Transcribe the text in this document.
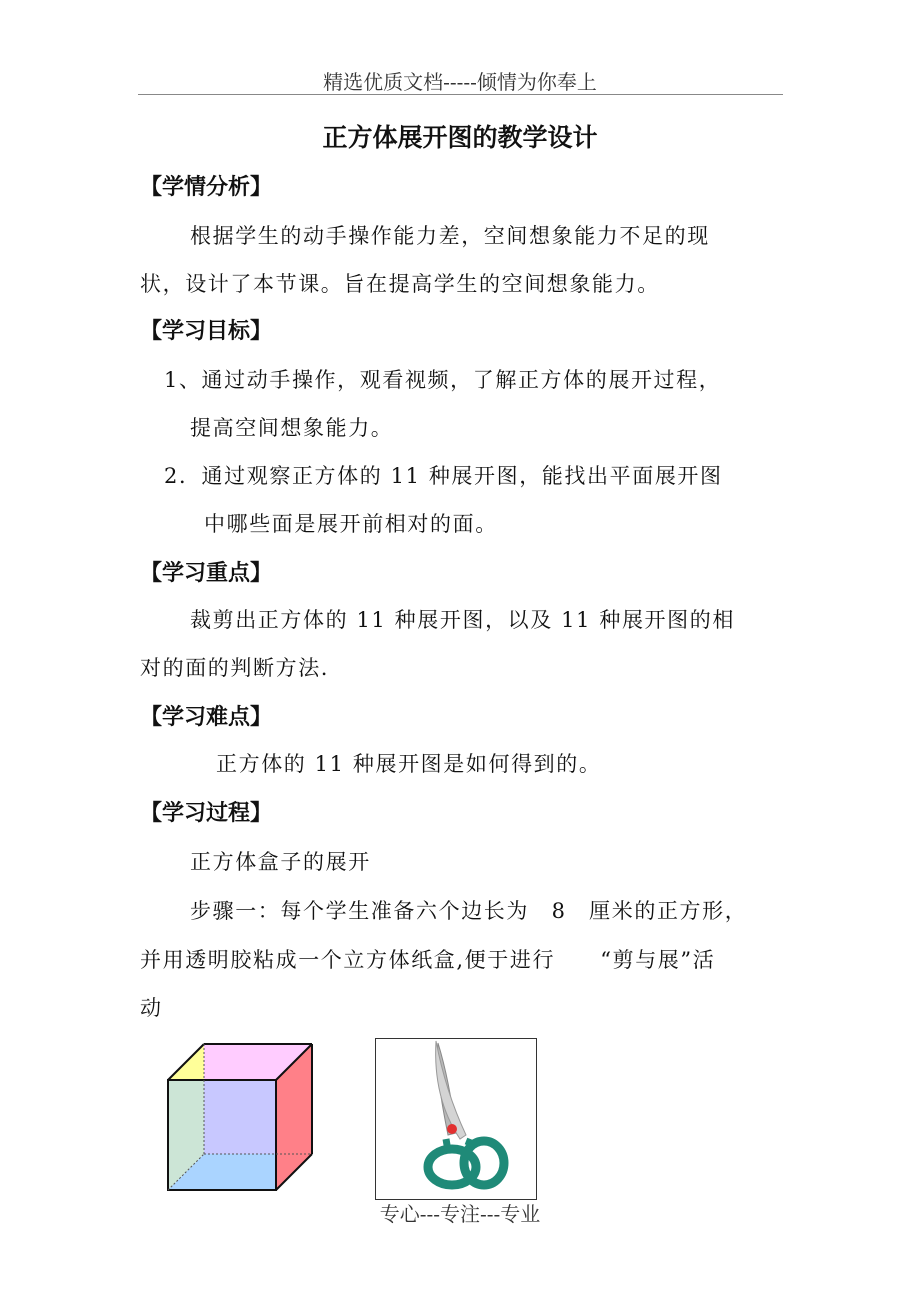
精选优质文档-----倾情为你奉上
正方体展开图的教学设计
【学情分析】
根据学生的动手操作能力差，空间想象能力不足的现
状，设计了本节课。旨在提高学生的空间想象能力。
【学习目标】
1、通过动手操作，观看视频，了解正方体的展开过程，
提高空间想象能力。
2．通过观察正方体的 11 种展开图，能找出平面展开图
中哪些面是展开前相对的面。
【学习重点】
裁剪出正方体的 11 种展开图，以及 11 种展开图的相
对的面的判断方法.
【学习难点】
正方体的 11 种展开图是如何得到的。
【学习过程】
正方体盒子的展开
步骤一：每个学生准备六个边长为　8　厘米的正方形，
并用透明胶粘成一个立方体纸盒,便于进行　　“剪与展”活
动
专心---专注---专业
